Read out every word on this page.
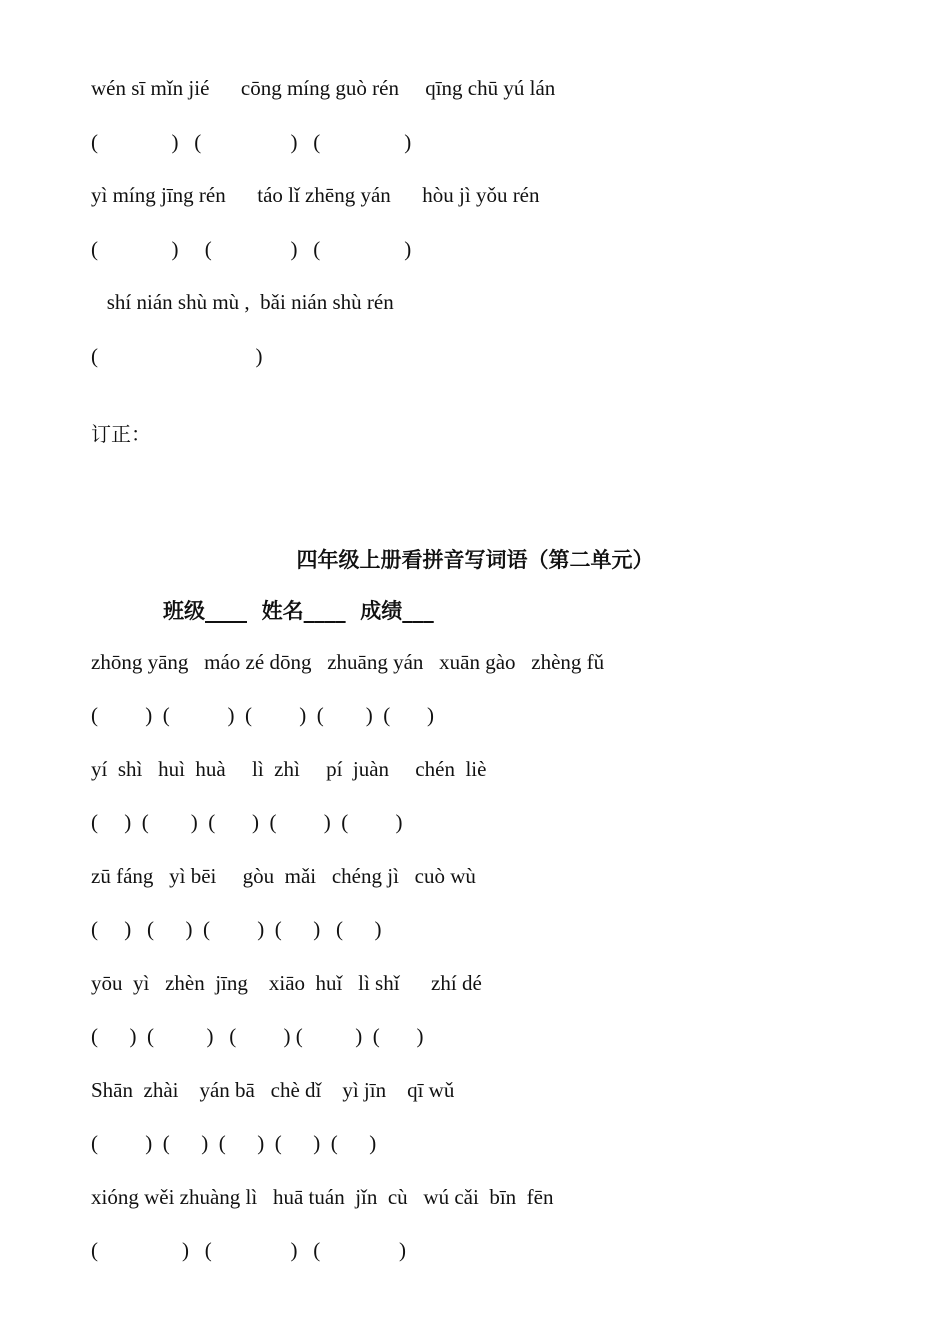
wén sī mǐn jié      cōng míng guò rén     qīng chū yú lán
(              )   (                 )   (                )
yì míng jīng rén      táo lǐ zhēng yán      hòu jì yǒu rén
(              )     (               )   (                )
shí nián shù mù ,  bǎi nián shù rén
(                              )
订正：
四年级上册看拼音写词语（第二单元）
班级____  姓名____  成绩___
zhōng yāng   máo zé dōng   zhuāng yán   xuān gào   zhèng fǔ
(         )  (           )  (         )  (        )  (       )
yí  shì   huì  huà     lì  zhì     pí  juàn     chén  liè
(     )  (        )  (       )  (         )  (         )
zū fáng   yì bēi     gòu  mǎi   chéng jì   cuò wù
(     )   (      )  (         )  (      )   (      )
yōu  yì   zhèn  jīng    xiāo  huǐ   lì shǐ      zhí dé
(      )  (          )   (         ) (          )  (       )
Shān  zhài    yán bā   chè dǐ    yì jīn    qī wǔ
(         )  (      )  (      )  (      )  (      )
xióng wěi zhuàng lì   huā tuán  jǐn  cù   wú cǎi  bīn  fēn
(                )   (               )   (               )
